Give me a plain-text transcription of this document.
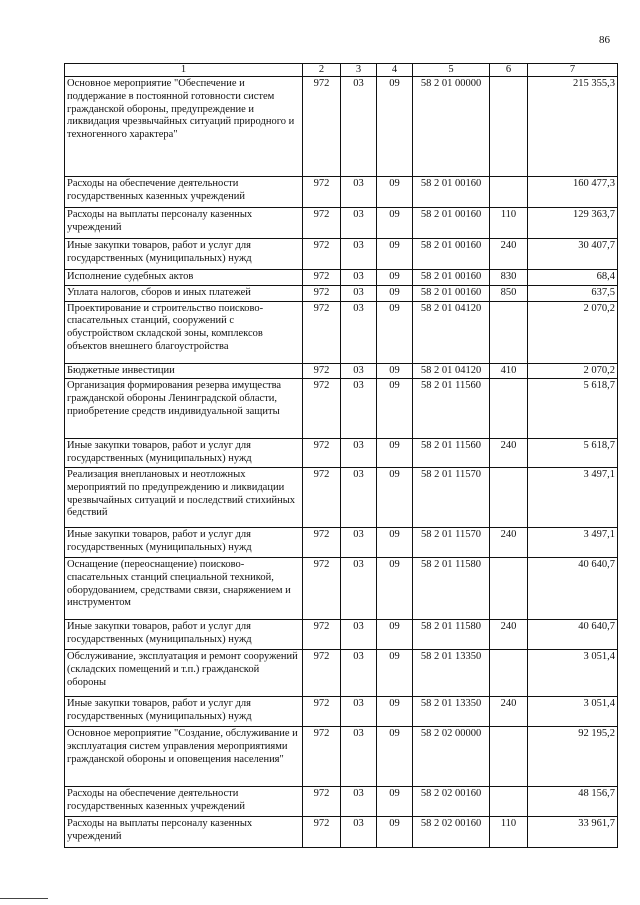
86
1	2	3	4	5	6	7
Основное мероприятие "Обеспечение и поддержание в постоянной готовности систем гражданской обороны, предупреждение и ликвидация чрезвычайных ситуаций природного и техногенного характера"	972	03	09	58 2 01 00000		215 355,3
Расходы на обеспечение деятельности государственных казенных учреждений	972	03	09	58 2 01 00160		160 477,3
Расходы на выплаты персоналу казенных учреждений	972	03	09	58 2 01 00160	110	129 363,7
Иные закупки товаров, работ и услуг для государственных (муниципальных) нужд	972	03	09	58 2 01 00160	240	30 407,7
Исполнение судебных актов	972	03	09	58 2 01 00160	830	68,4
Уплата налогов, сборов и иных платежей	972	03	09	58 2 01 00160	850	637,5
Проектирование и строительство поисково-спасательных станций, сооружений с обустройством складской зоны, комплексов объектов внешнего благоустройства	972	03	09	58 2 01 04120		2 070,2
Бюджетные инвестиции	972	03	09	58 2 01 04120	410	2 070,2
Организация формирования резерва имущества гражданской обороны Ленинградской области, приобретение средств индивидуальной защиты	972	03	09	58 2 01 11560		5 618,7
Иные закупки товаров, работ и услуг для государственных (муниципальных) нужд	972	03	09	58 2 01 11560	240	5 618,7
Реализация внеплановых и неотложных мероприятий по предупреждению и ликвидации чрезвычайных ситуаций и последствий стихийных бедствий	972	03	09	58 2 01 11570		3 497,1
Иные закупки товаров, работ и услуг для государственных (муниципальных) нужд	972	03	09	58 2 01 11570	240	3 497,1
Оснащение (переоснащение) поисково-спасательных станций специальной техникой, оборудованием, средствами связи, снаряжением и инструментом	972	03	09	58 2 01 11580		40 640,7
Иные закупки товаров, работ и услуг для государственных (муниципальных) нужд	972	03	09	58 2 01 11580	240	40 640,7
Обслуживание, эксплуатация и ремонт сооружений (складских помещений и т.п.) гражданской обороны	972	03	09	58 2 01 13350		3 051,4
Иные закупки товаров, работ и услуг для государственных (муниципальных) нужд	972	03	09	58 2 01 13350	240	3 051,4
Основное мероприятие "Создание, обслуживание и эксплуатация систем управления мероприятиями гражданской обороны и оповещения населения"	972	03	09	58 2 02 00000		92 195,2
Расходы на обеспечение деятельности государственных казенных учреждений	972	03	09	58 2 02 00160		48 156,7
Расходы на выплаты персоналу казенных учреждений	972	03	09	58 2 02 00160	110	33 961,7
